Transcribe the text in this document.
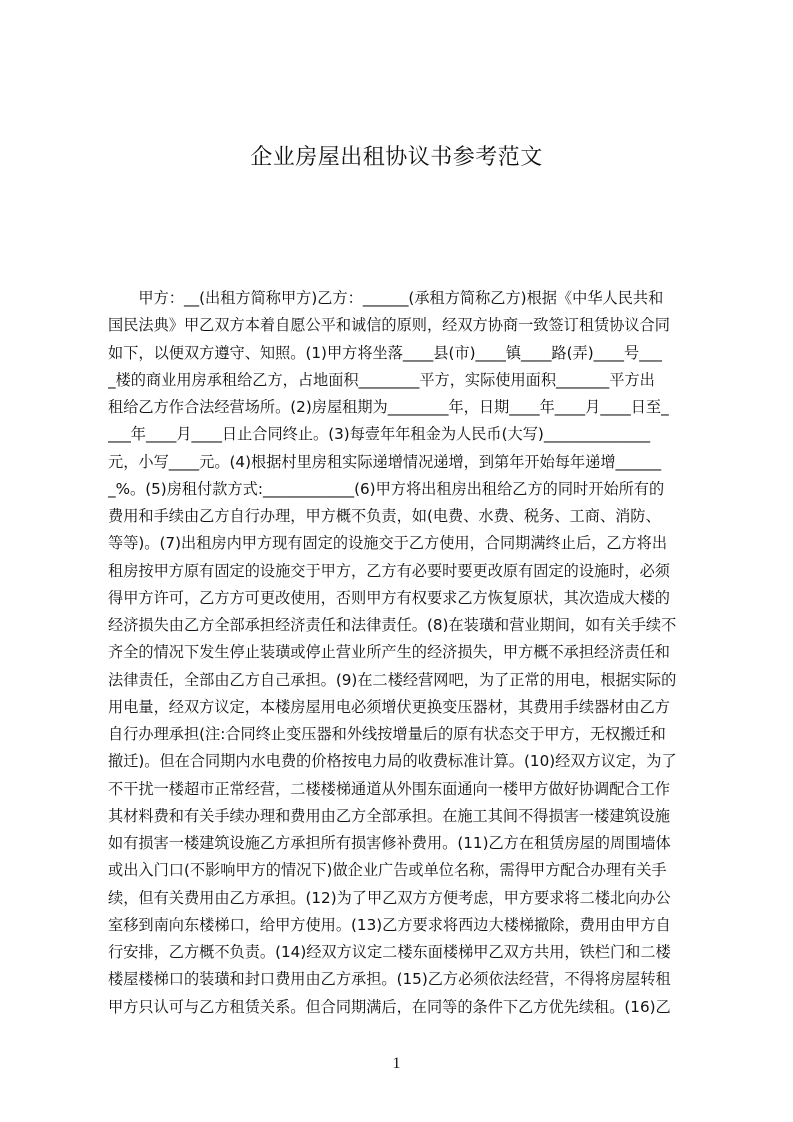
企业房屋出租协议书参考范文
　　甲方：__(出租方简称甲方)乙方：______(承租方简称乙方)根据《中华人民共和
国民法典》甲乙双方本着自愿公平和诚信的原则，经双方协商一致签订租赁协议合同
如下，以便双方遵守、知照。(1)甲方将坐落____县(市)____镇____路(弄)____号___
_楼的商业用房承租给乙方，占地面积________平方，实际使用面积_______平方出
租给乙方作合法经营场所。(2)房屋租期为________年，日期____年____月____日至_
___年____月____日止合同终止。(3)每壹年年租金为人民币(大写)______________
元，小写____元。(4)根据村里房租实际递增情况递增，到第年开始每年递增______
_%。(5)房租付款方式:____________(6)甲方将出租房出租给乙方的同时开始所有的
费用和手续由乙方自行办理，甲方概不负责，如(电费、水费、税务、工商、消防、
等等)。(7)出租房内甲方现有固定的设施交于乙方使用，合同期满终止后，乙方将出
租房按甲方原有固定的设施交于甲方，乙方有必要时要更改原有固定的设施时，必须
得甲方许可，乙方方可更改使用，否则甲方有权要求乙方恢复原状，其次造成大楼的
经济损失由乙方全部承担经济责任和法律责任。(8)在装璜和营业期间，如有关手续不
齐全的情况下发生停止装璜或停止营业所产生的经济损失，甲方概不承担经济责任和
法律责任，全部由乙方自己承担。(9)在二楼经营网吧，为了正常的用电，根据实际的
用电量，经双方议定，本楼房屋用电必须增伏更换变压器材，其费用手续器材由乙方
自行办理承担(注:合同终止变压器和外线按增量后的原有状态交于甲方，无权搬迁和
撤迁)。但在合同期内水电费的价格按电力局的收费标准计算。(10)经双方议定，为了
不干扰一楼超市正常经营，二楼楼梯通道从外围东面通向一楼甲方做好协调配合工作
其材料费和有关手续办理和费用由乙方全部承担。在施工其间不得损害一楼建筑设施
如有损害一楼建筑设施乙方承担所有损害修补费用。(11)乙方在租赁房屋的周围墙体
或出入门口(不影响甲方的情况下)做企业广告或单位名称，需得甲方配合办理有关手
续，但有关费用由乙方承担。(12)为了甲乙双方方便考虑，甲方要求将二楼北向办公
室移到南向东楼梯口，给甲方使用。(13)乙方要求将西边大楼梯撤除，费用由甲方自
行安排，乙方概不负责。(14)经双方议定二楼东面楼梯甲乙双方共用，铁栏门和二楼
楼屋楼梯口的装璜和封口费用由乙方承担。(15)乙方必须依法经营，不得将房屋转租
甲方只认可与乙方租赁关系。但合同期满后，在同等的条件下乙方优先续租。(16)乙
1
